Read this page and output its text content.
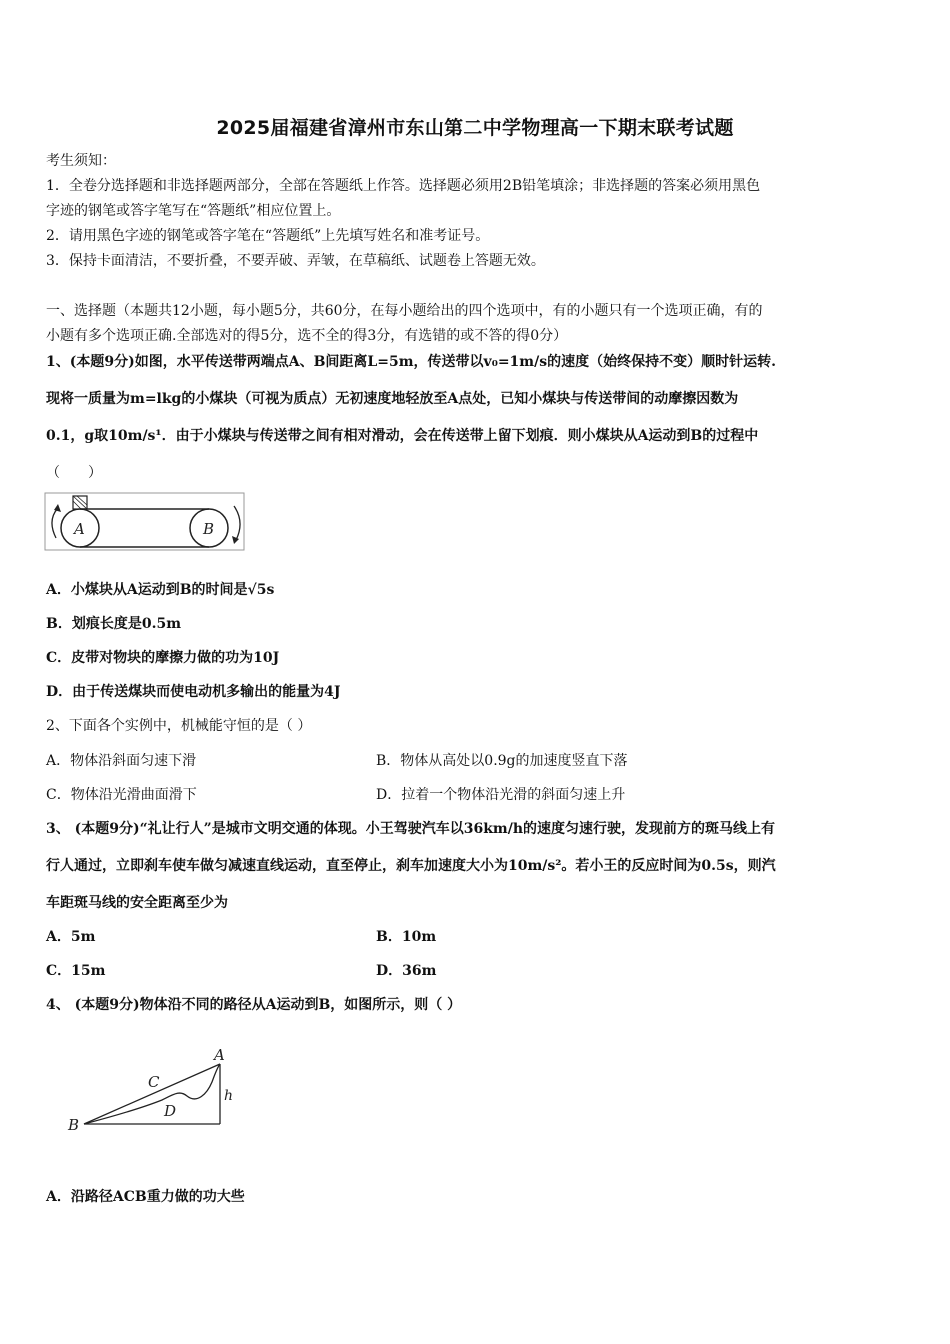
2025届福建省漳州市东山第二中学物理高一下期末联考试题
考生须知：
1．全卷分选择题和非选择题两部分，全部在答题纸上作答。选择题必须用2B铅笔填涂；非选择题的答案必须用黑色
字迹的钢笔或答字笔写在“答题纸”相应位置上。
2．请用黑色字迹的钢笔或答字笔在“答题纸”上先填写姓名和准考证号。
3．保持卡面清洁，不要折叠，不要弄破、弄皱，在草稿纸、试题卷上答题无效。
一、选择题（本题共12小题，每小题5分，共60分，在每小题给出的四个选项中，有的小题只有一个选项正确，有的
小题有多个选项正确.全部选对的得5分，选不全的得3分，有选错的或不答的得0分）
1、(本题9分)如图，水平传送带两端点A、B间距离L=5m，传送带以v₀=1m/s的速度（始终保持不变）顺时针运转.
现将一质量为m=lkg的小煤块（可视为质点）无初速度地轻放至A点处，已知小煤块与传送带间的动摩擦因数为
0.1，g取10m/s¹．由于小煤块与传送带之间有相对滑动，会在传送带上留下划痕．则小煤块从A运动到B的过程中
（　　）
A	B
A．小煤块从A运动到B的时间是√5s
B．划痕长度是0.5m
C．皮带对物块的摩擦力做的功为10J
D．由于传送煤块而使电动机多输出的能量为4J
2、下面各个实例中，机械能守恒的是（ ）
A．物体沿斜面匀速下滑	B．物体从高处以0.9g的加速度竖直下落
C．物体沿光滑曲面滑下	D．拉着一个物体沿光滑的斜面匀速上升
3、 (本题9分)“礼让行人”是城市文明交通的体现。小王驾驶汽车以36km/h的速度匀速行驶，发现前方的斑马线上有
行人通过，立即刹车使车做匀减速直线运动，直至停止，刹车加速度大小为10m/s²。若小王的反应时间为0.5s，则汽
车距斑马线的安全距离至少为
A．5m	B．10m
C．15m	D．36m
4、 (本题9分)物体沿不同的路径从A运动到B，如图所示，则（ ）
A
B
C
D
h
A．沿路径ACB重力做的功大些
